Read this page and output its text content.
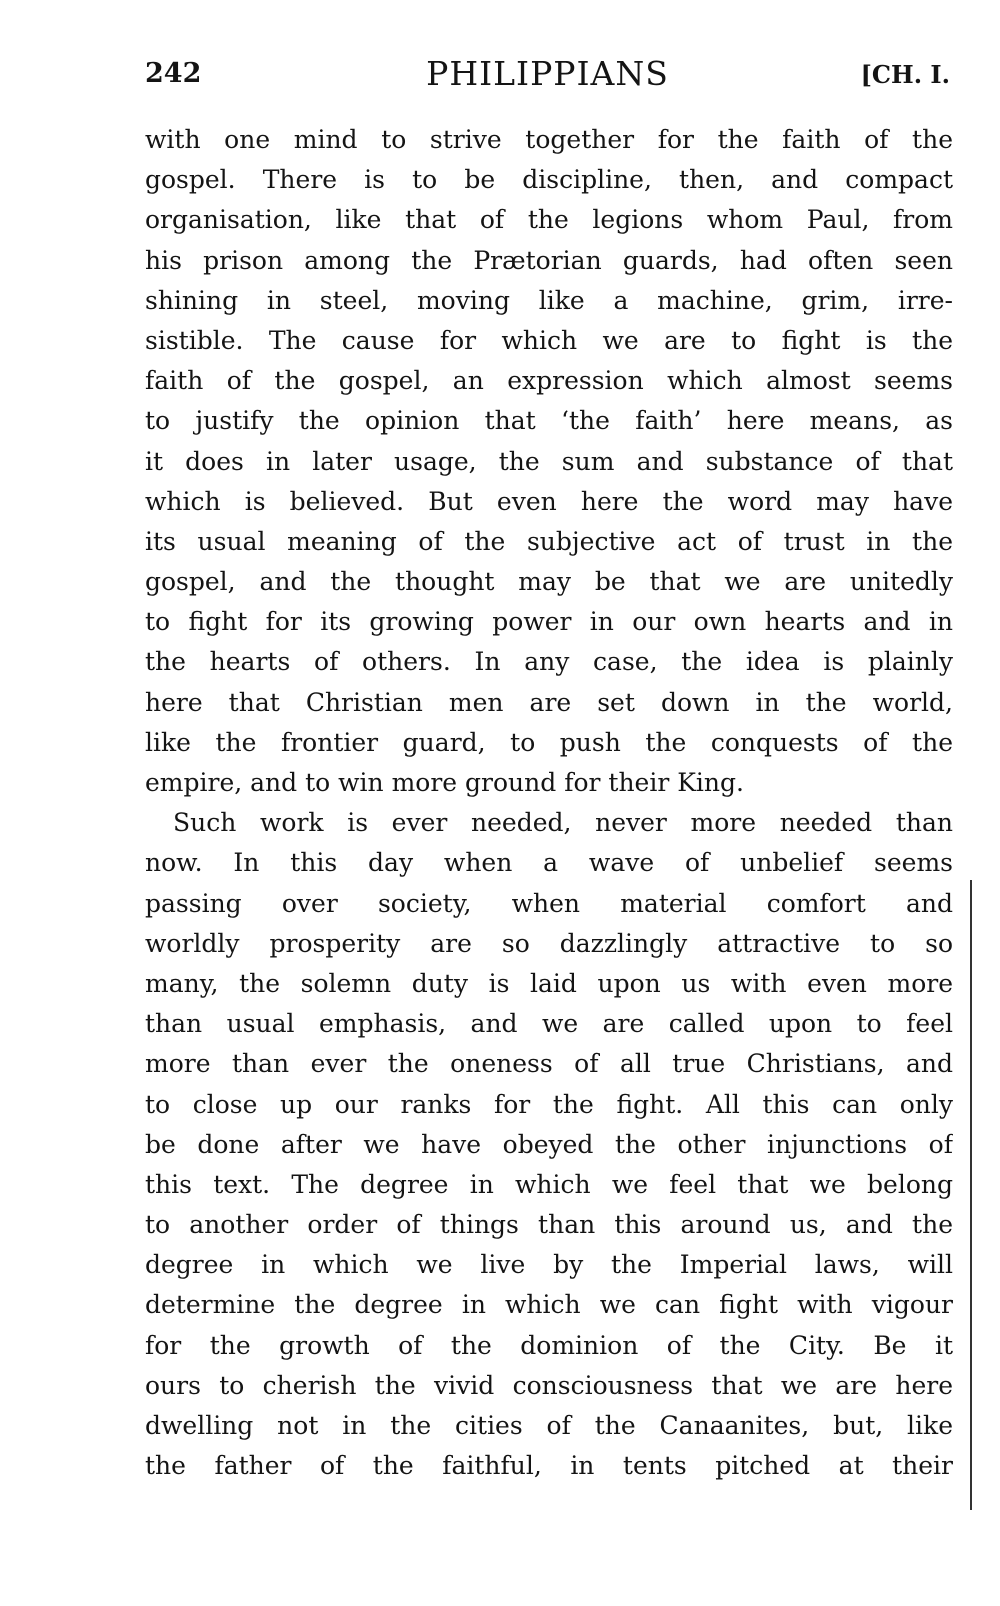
242	PHILIPPIANS	[CH. I.
with one mind to strive together for the faith of the
gospel. There is to be discipline, then, and compact
organisation, like that of the legions whom Paul, from
his prison among the Prætorian guards, had often seen
shining in steel, moving like a machine, grim, irre-
sistible. The cause for which we are to fight is the
faith of the gospel, an expression which almost seems
to justify the opinion that ‘the faith’ here means, as
it does in later usage, the sum and substance of that
which is believed. But even here the word may have
its usual meaning of the subjective act of trust in the
gospel, and the thought may be that we are unitedly
to fight for its growing power in our own hearts and in
the hearts of others. In any case, the idea is plainly
here that Christian men are set down in the world,
like the frontier guard, to push the conquests of the
empire, and to win more ground for their King.
Such work is ever needed, never more needed than
now. In this day when a wave of unbelief seems
passing over society, when material comfort and
worldly prosperity are so dazzlingly attractive to so
many, the solemn duty is laid upon us with even more
than usual emphasis, and we are called upon to feel
more than ever the oneness of all true Christians, and
to close up our ranks for the fight. All this can only
be done after we have obeyed the other injunctions of
this text. The degree in which we feel that we belong
to another order of things than this around us, and the
degree in which we live by the Imperial laws, will
determine the degree in which we can fight with vigour
for the growth of the dominion of the City. Be it
ours to cherish the vivid consciousness that we are here
dwelling not in the cities of the Canaanites, but, like
the father of the faithful, in tents pitched at their
